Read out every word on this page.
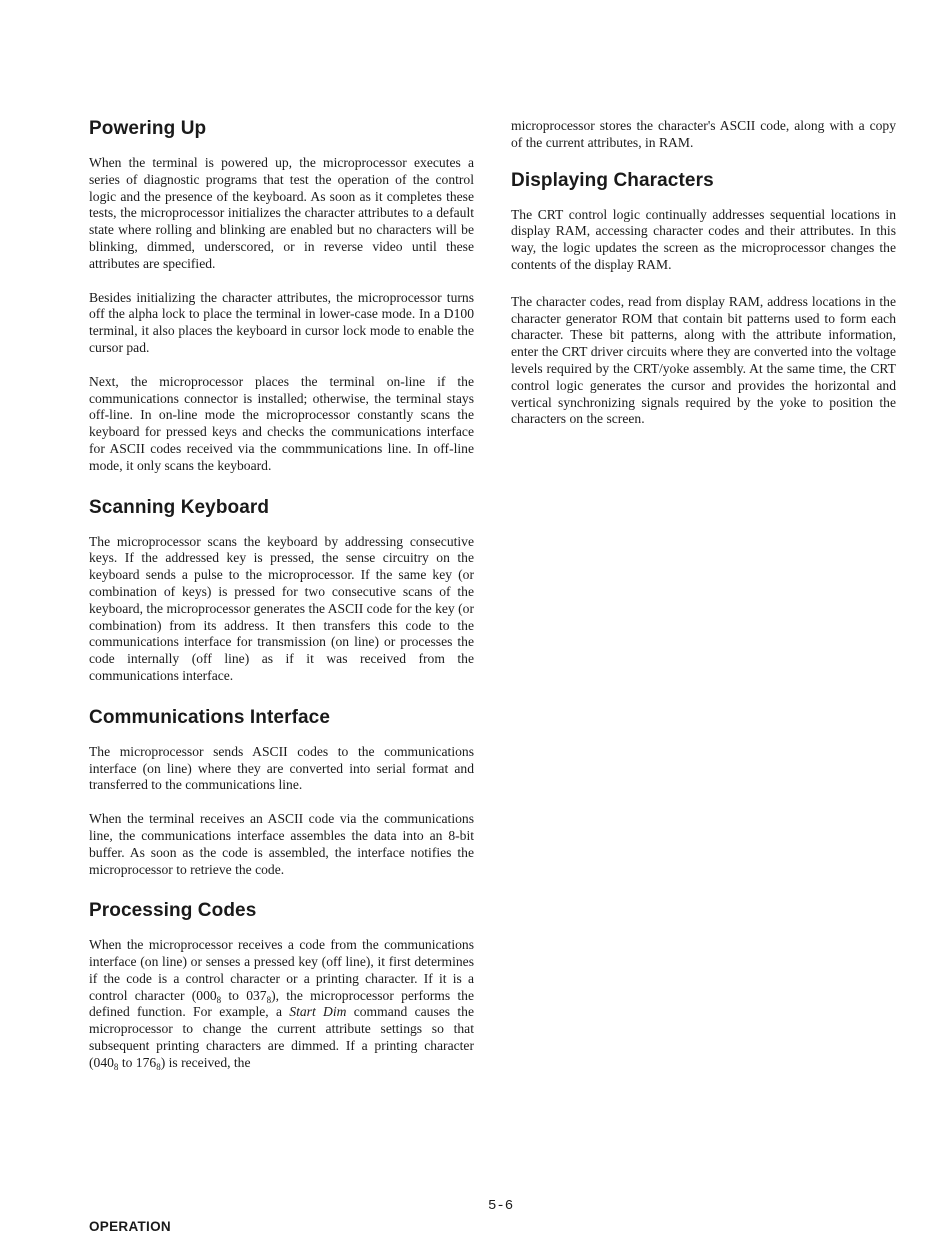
Powering Up

When the terminal is powered up, the microprocessor executes a series of diagnostic programs that test the operation of the control logic and the presence of the keyboard. As soon as it completes these tests, the microprocessor initializes the character attributes to a default state where rolling and blinking are enabled but no characters will be blinking, dimmed, underscored, or in reverse video until these attributes are specified.

Besides initializing the character attributes, the microprocessor turns off the alpha lock to place the terminal in lower-case mode. In a D100 terminal, it also places the keyboard in cursor lock mode to enable the cursor pad.

Next, the microprocessor places the terminal on-line if the communications connector is installed; otherwise, the terminal stays off-line. In on-line mode the microprocessor constantly scans the keyboard for pressed keys and checks the communications interface for ASCII codes received via the commmunications line. In off-line mode, it only scans the keyboard.

Scanning Keyboard

The microprocessor scans the keyboard by addressing consecutive keys. If the addressed key is pressed, the sense circuitry on the keyboard sends a pulse to the microprocessor. If the same key (or combination of keys) is pressed for two consecutive scans of the keyboard, the microprocessor generates the ASCII code for the key (or combination) from its address. It then transfers this code to the communications interface for transmission (on line) or processes the code internally (off line) as if it was received from the communications interface.

Communications Interface

The microprocessor sends ASCII codes to the communications interface (on line) where they are converted into serial format and transferred to the communications line.

When the terminal receives an ASCII code via the communications line, the communications interface assembles the data into an 8-bit buffer. As soon as the code is assembled, the interface notifies the microprocessor to retrieve the code.

Processing Codes

When the microprocessor receives a code from the communications interface (on line) or senses a pressed key (off line), it first determines if the code is a control character or a printing character. If it is a control character ($000_8$ to $037_8$), the microprocessor performs the defined function. For example, a Start Dim command causes the microprocessor to change the current attribute settings so that subsequent printing characters are dimmed. If a printing character ($040_8$ to $176_8$) is received, the

microprocessor stores the character's ASCII code, along with a copy of the current attributes, in RAM.

Displaying Characters

The CRT control logic continually addresses sequential locations in display RAM, accessing character codes and their attributes. In this way, the logic updates the screen as the microprocessor changes the contents of the display RAM.

The character codes, read from display RAM, address locations in the character generator ROM that contain bit patterns used to form each character. These bit patterns, along with the attribute information, enter the CRT driver circuits where they are converted into the voltage levels required by the CRT/yoke assembly. At the same time, the CRT control logic generates the cursor and provides the horizontal and vertical synchronizing signals required by the yoke to position the characters on the screen.

5-6
OPERATION
